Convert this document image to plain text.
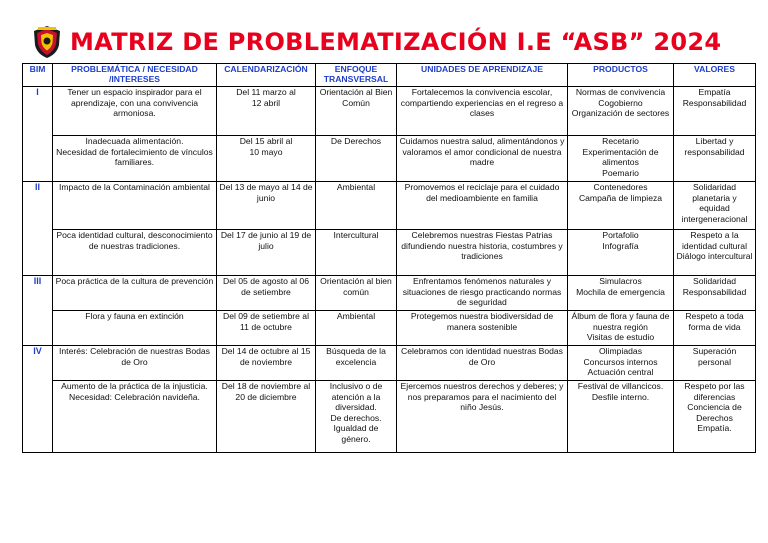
MATRIZ DE PROBLEMATIZACIÓN I.E “ASB” 2024
BIM	PROBLEMÁTICA / NECESIDAD /INTERESES	CALENDARIZACIÓN	ENFOQUE TRANSVERSAL	UNIDADES DE APRENDIZAJE	PRODUCTOS	VALORES
I	Tener un espacio inspirador para el aprendizaje, con una convivencia armoniosa.	Del 11 marzo al
12 abril	Orientación al Bien Común	Fortalecemos la convivencia escolar, compartiendo experiencias en el regreso a clases	Normas de convivencia
Cogobierno
Organización de sectores	Empatía
Responsabilidad

	Inadecuada alimentación.
Necesidad de fortalecimiento de vínculos familiares.	Del 15 abril al
10 mayo	De Derechos	Cuidamos nuestra salud, alimentándonos y valoramos el amor condicional de nuestra madre	Recetario
Experimentación de alimentos
Poemario	Libertad y responsabilidad

II	Impacto de la Contaminación ambiental	Del 13 de mayo al 14 de junio	Ambiental	Promovemos el reciclaje para el cuidado del medioambiente en familia	Contenedores
Campaña de limpieza	Solidaridad planetaria y equidad intergeneracional

	Poca identidad cultural, desconocimiento de nuestras tradiciones.	Del 17 de junio al 19 de julio	Intercultural	Celebremos nuestras Fiestas Patrias difundiendo nuestra historia, costumbres y tradiciones	Portafolio
Infografía	Respeto a la identidad cultural
Diálogo intercultural

III	Poca práctica de la cultura de prevención	Del 05 de agosto al 06 de setiembre	Orientación al bien común	Enfrentamos fenómenos naturales y situaciones de riesgo practicando normas de seguridad	Simulacros
Mochila de emergencia	Solidaridad
Responsabilidad

	Flora y fauna en extinción	Del 09 de setiembre al
11 de octubre	Ambiental	Protegemos nuestra biodiversidad de manera sostenible	Álbum de flora y fauna de nuestra región
Visitas de estudio	Respeto a toda forma de vida

IV	Interés: Celebración de nuestras Bodas de Oro	Del 14 de octubre al 15 de noviembre	Búsqueda de la excelencia	Celebramos con identidad nuestras Bodas de Oro	Olimpiadas
Concursos internos
Actuación central	Superación personal

	Aumento de la práctica de la injusticia.
Necesidad: Celebración navideña.	Del 18 de noviembre al
20 de diciembre	Inclusivo o de atención a la diversidad.
De derechos.
Igualdad de género.	Ejercemos nuestros derechos y deberes; y nos preparamos para el nacimiento del niño Jesús.	Festival de villancicos.
Desfile interno.	Respeto por las diferencias
Conciencia de Derechos
Empatía.
